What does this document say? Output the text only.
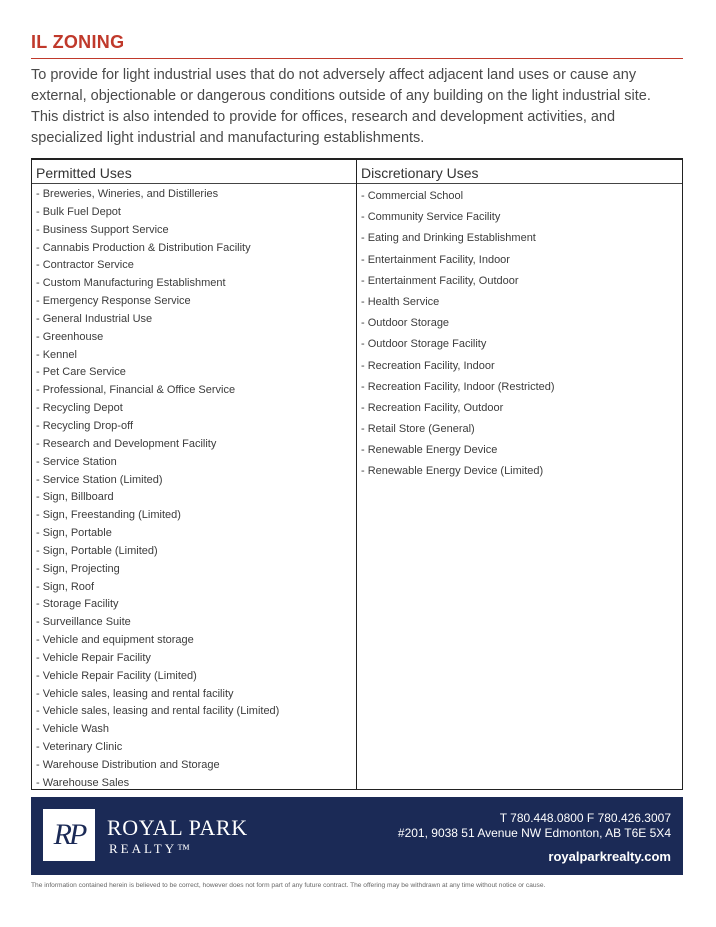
IL ZONING

To provide for light industrial uses that do not adversely affect adjacent land uses or cause any external, objectionable or dangerous conditions outside of any building on the light industrial site. This district is also intended to provide for offices, research and development activities, and specialized light industrial and manufacturing establishments.

Permitted Uses
- Breweries, Wineries, and Distilleries
- Bulk Fuel Depot
- Business Support Service
- Cannabis Production & Distribution Facility
- Contractor Service
- Custom Manufacturing Establishment
- Emergency Response Service
- General Industrial Use
- Greenhouse
- Kennel
- Pet Care Service
- Professional, Financial & Office Service
- Recycling Depot
- Recycling Drop-off
- Research and Development Facility
- Service Station
- Service Station (Limited)
- Sign, Billboard
- Sign, Freestanding (Limited)
- Sign, Portable
- Sign, Portable (Limited)
- Sign, Projecting
- Sign, Roof
- Storage Facility
- Surveillance Suite
- Vehicle and equipment storage
- Vehicle Repair Facility
- Vehicle Repair Facility (Limited)
- Vehicle sales, leasing and rental facility
- Vehicle sales, leasing and rental facility (Limited)
- Vehicle Wash
- Veterinary Clinic
- Warehouse Distribution and Storage
- Warehouse Sales
Discretionary Uses
- Commercial School
- Community Service Facility
- Eating and Drinking Establishment
- Entertainment Facility, Indoor
- Entertainment Facility, Outdoor
- Health Service
- Outdoor Storage
- Outdoor Storage Facility
- Recreation Facility, Indoor
- Recreation Facility, Indoor (Restricted)
- Recreation Facility, Outdoor
- Retail Store (General)
- Renewable Energy Device
- Renewable Energy Device (Limited)
RP ROYAL PARK
REALTY™
T 780.448.0800 F 780.426.3007
#201, 9038 51 Avenue NW Edmonton, AB T6E 5X4
royalparkrealty.com
The information contained herein is believed to be correct, however does not form part of any future contract. The offering may be withdrawn at any time without notice or cause.
